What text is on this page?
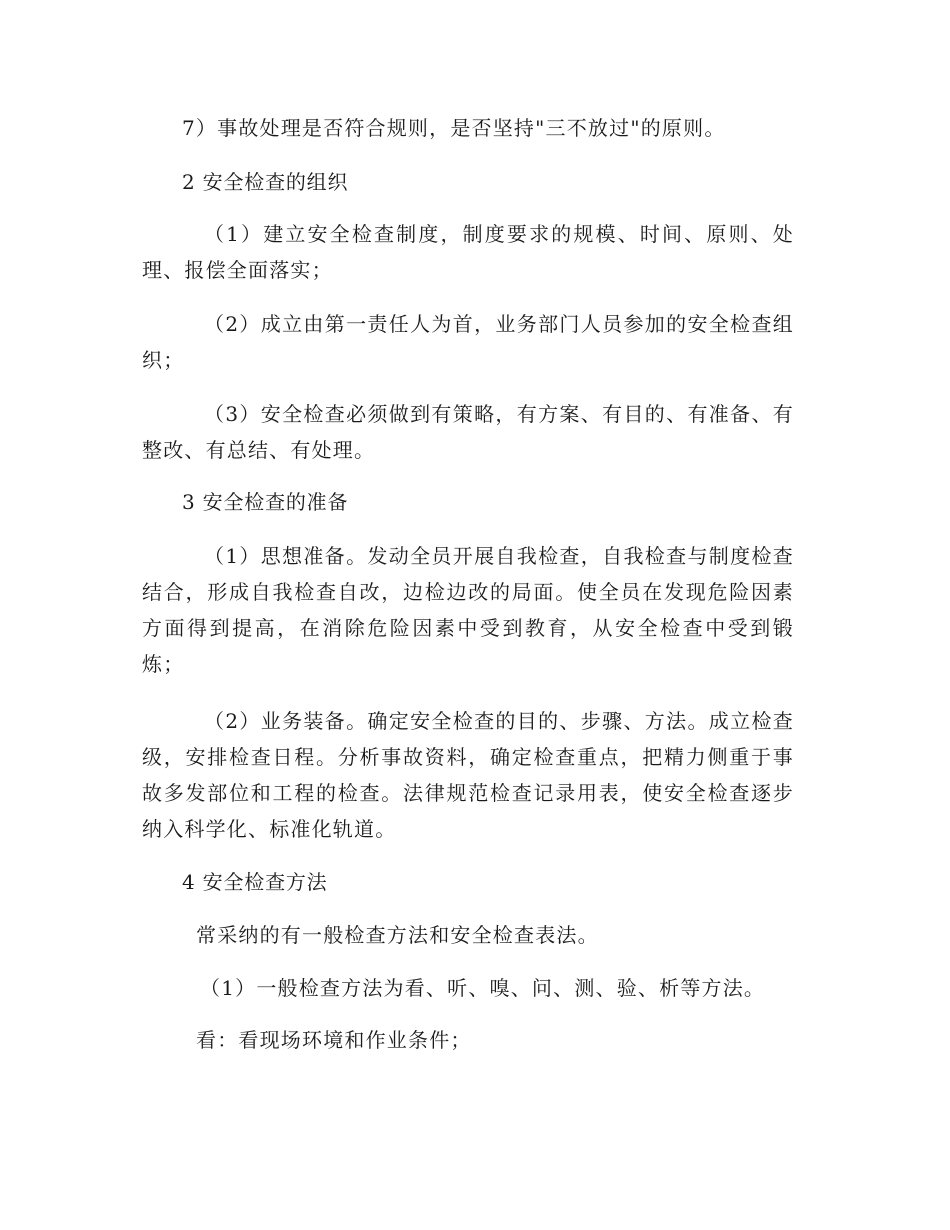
7）事故处理是否符合规则，是否坚持"三不放过"的原则。

2 安全检查的组织

（1）建立安全检查制度，制度要求的规模、时间、原则、处理、报偿全面落实；

（2）成立由第一责任人为首，业务部门人员参加的安全检查组织；

（3）安全检查必须做到有策略，有方案、有目的、有准备、有整改、有总结、有处理。

3 安全检查的准备

（1）思想准备。发动全员开展自我检查，自我检查与制度检查结合，形成自我检查自改，边检边改的局面。使全员在发现危险因素方面得到提高，在消除危险因素中受到教育，从安全检查中受到锻炼；

（2）业务装备。确定安全检查的目的、步骤、方法。成立检查级，安排检查日程。分析事故资料，确定检查重点，把精力侧重于事故多发部位和工程的检查。法律规范检查记录用表，使安全检查逐步纳入科学化、标准化轨道。

4 安全检查方法

常采纳的有一般检查方法和安全检查表法。

（1）一般检查方法为看、听、嗅、问、测、验、析等方法。

看：看现场环境和作业条件；
